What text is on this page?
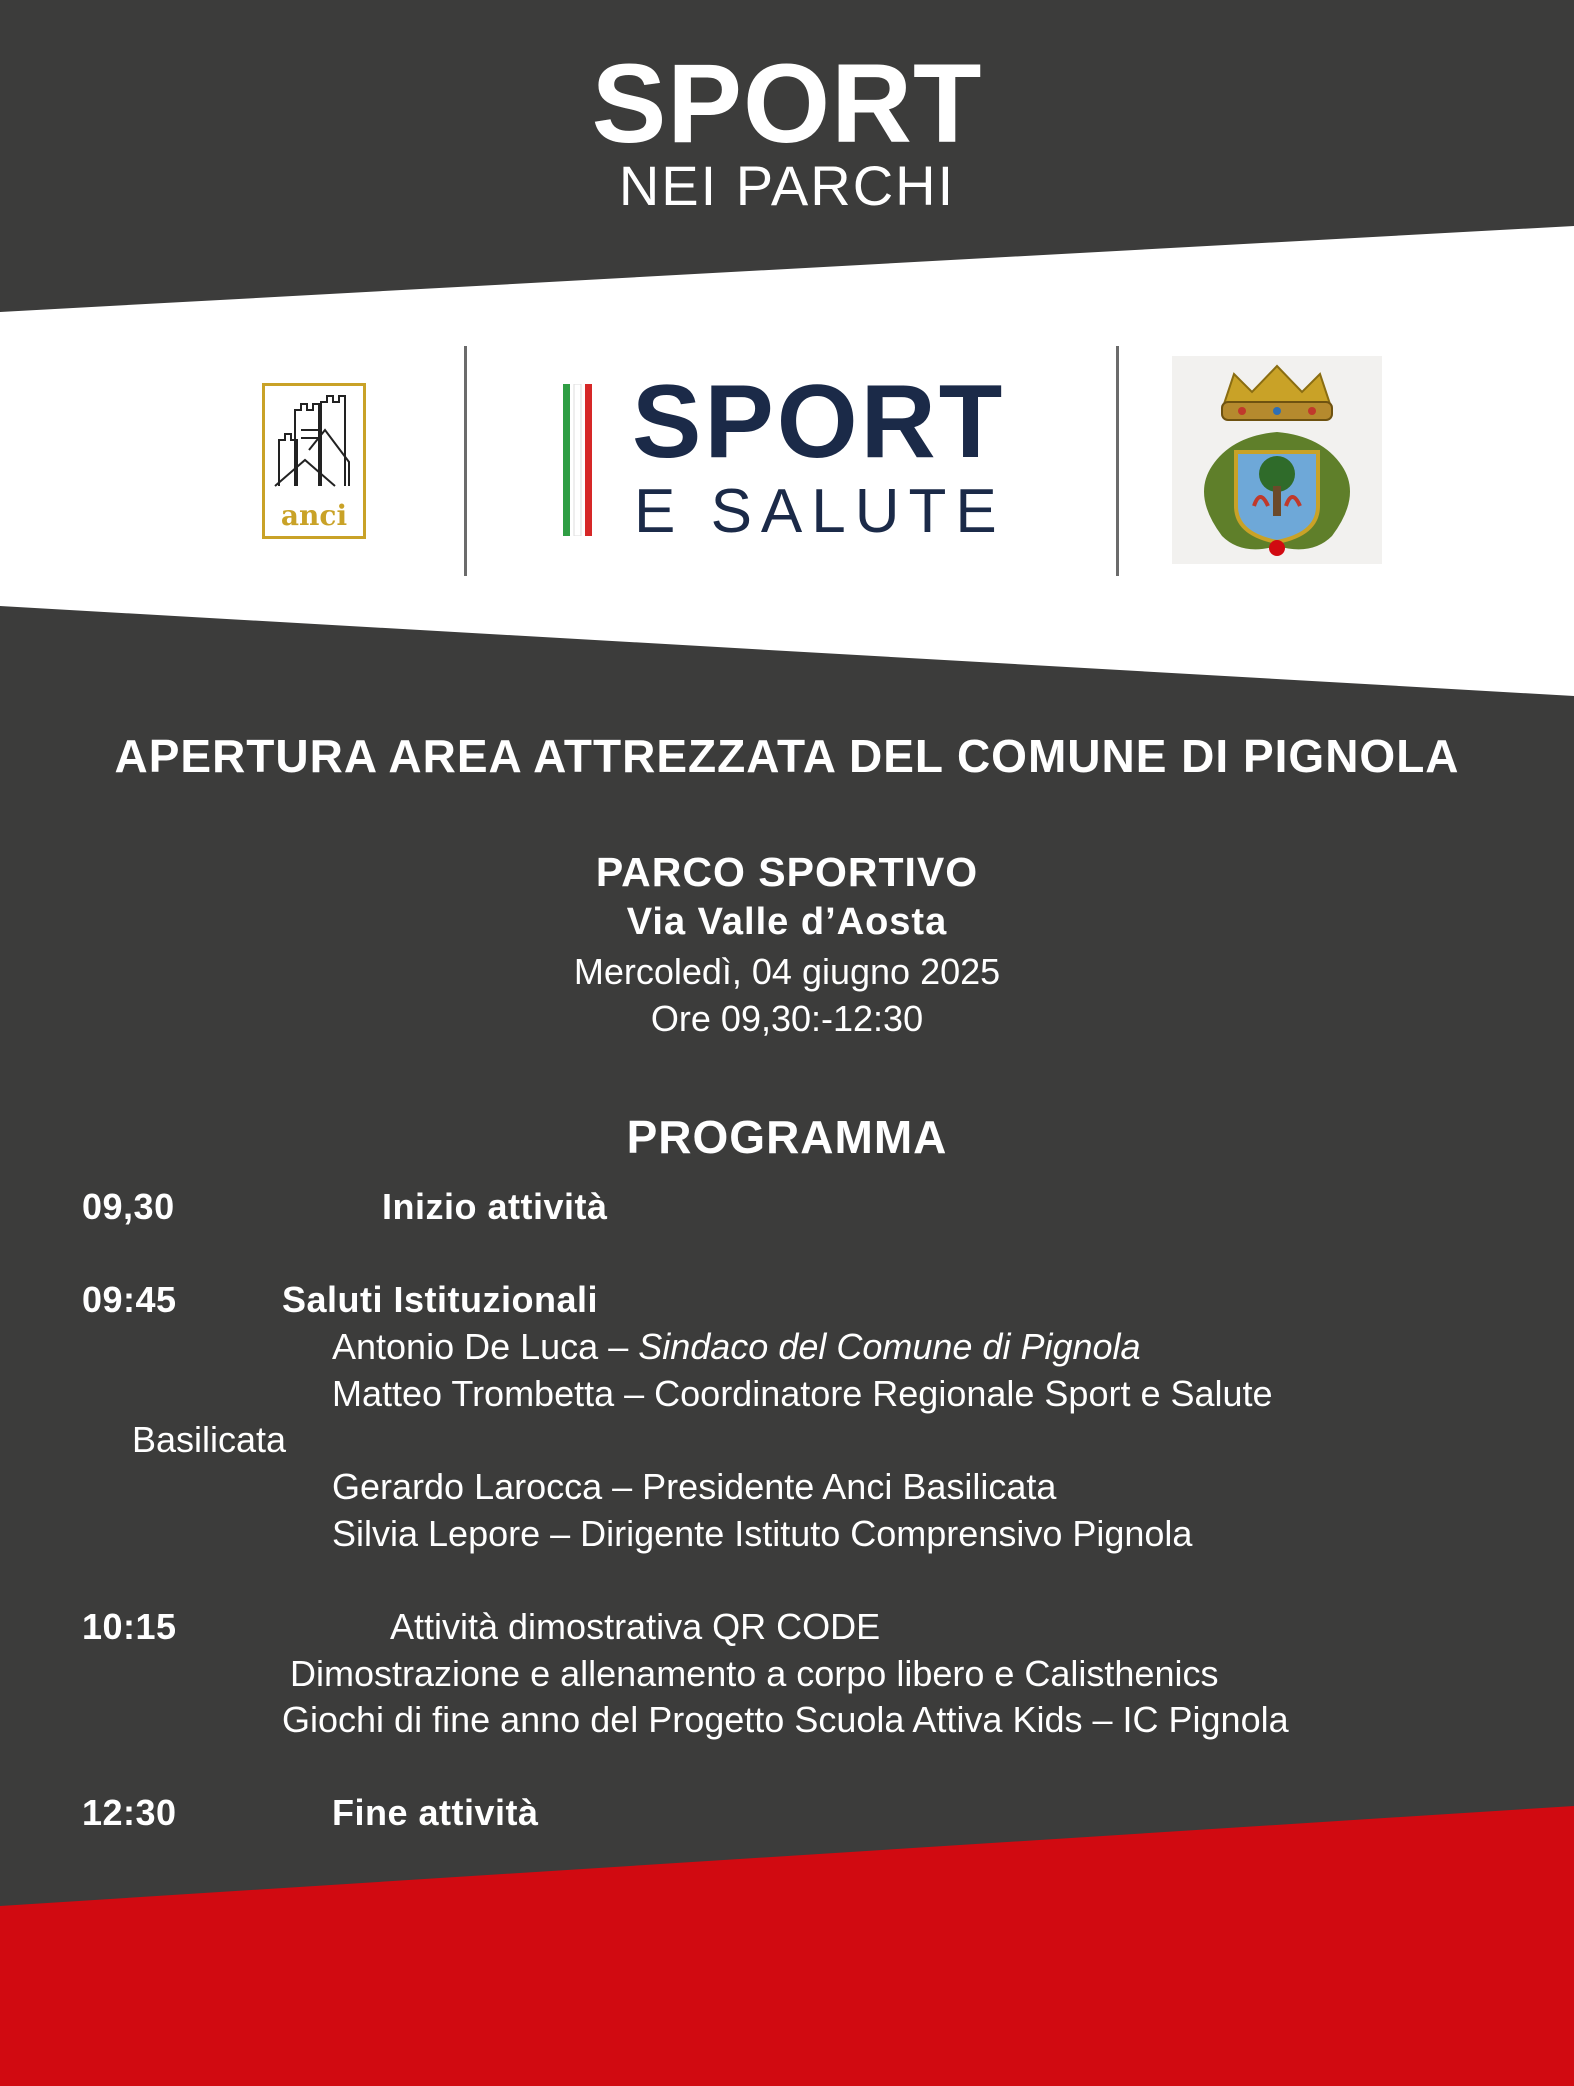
SPORT
NEI PARCHI
anci
SPORT
E SALUTE
APERTURA AREA ATTREZZATA DEL COMUNE DI PIGNOLA
PARCO SPORTIVO
Via Valle d’Aosta
Mercoledì, 04 giugno 2025
Ore 09,30:-12:30
PROGRAMMA
09,30	Inizio attività
09:45	Saluti Istituzionali
Antonio De Luca – Sindaco del Comune di Pignola
Matteo Trombetta – Coordinatore Regionale Sport e Salute
Basilicata
Gerardo Larocca – Presidente Anci Basilicata
Silvia Lepore – Dirigente Istituto Comprensivo Pignola
10:15	Attività dimostrativa QR CODE
Dimostrazione e allenamento a corpo libero e Calisthenics
Giochi di fine anno del Progetto Scuola Attiva Kids – IC Pignola
12:30	Fine attività
